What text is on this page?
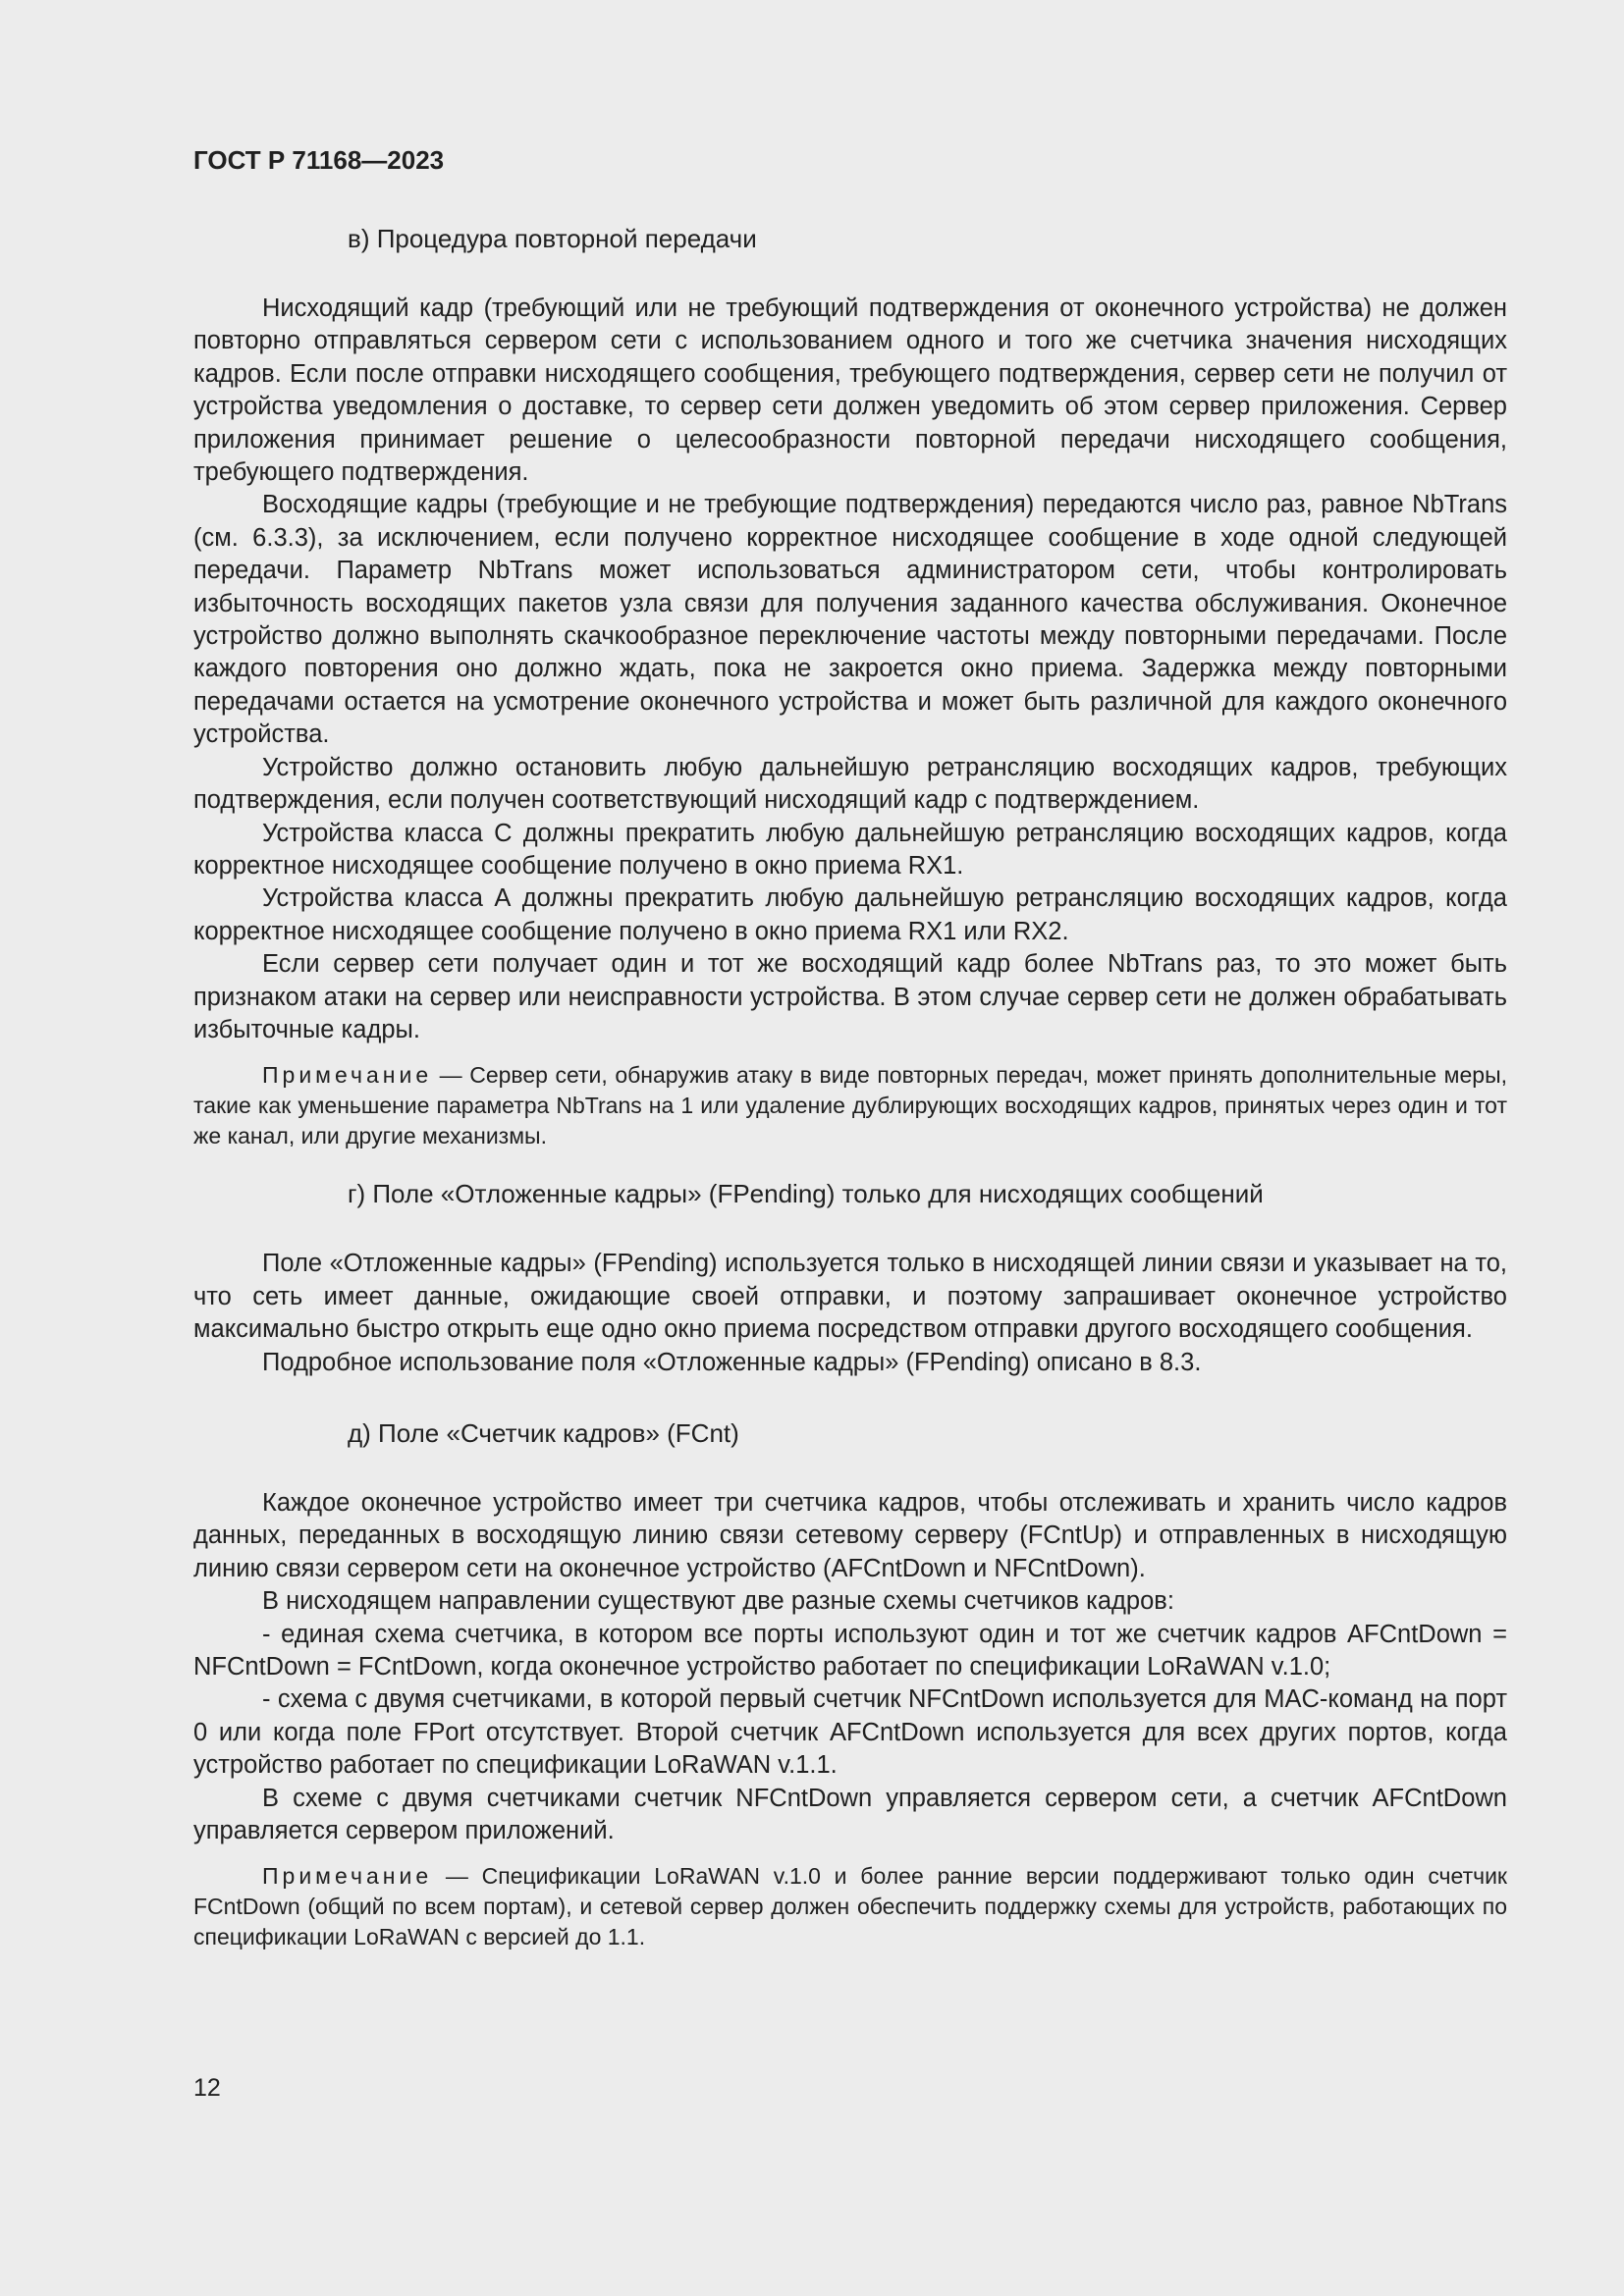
ГОСТ Р 71168—2023
в) Процедура повторной передачи

Нисходящий кадр (требующий или не требующий подтверждения от оконечного устройства) не должен повторно отправляться сервером сети с использованием одного и того же счетчика значения нисходящих кадров. Если после отправки нисходящего сообщения, требующего подтверждения, сервер сети не получил от устройства уведомления о доставке, то сервер сети должен уведомить об этом сервер приложения. Сервер приложения принимает решение о целесообразности повторной передачи нисходящего сообщения, требующего подтверждения.

Восходящие кадры (требующие и не требующие подтверждения) передаются число раз, равное NbTrans (см. 6.3.3), за исключением, если получено корректное нисходящее сообщение в ходе одной следующей передачи. Параметр NbTrans может использоваться администратором сети, чтобы контролировать избыточность восходящих пакетов узла связи для получения заданного качества обслуживания. Оконечное устройство должно выполнять скачкообразное переключение частоты между повторными передачами. После каждого повторения оно должно ждать, пока не закроется окно приема. Задержка между повторными передачами остается на усмотрение оконечного устройства и может быть различной для каждого оконечного устройства.

Устройство должно остановить любую дальнейшую ретрансляцию восходящих кадров, требующих подтверждения, если получен соответствующий нисходящий кадр с подтверждением.

Устройства класса С должны прекратить любую дальнейшую ретрансляцию восходящих кадров, когда корректное нисходящее сообщение получено в окно приема RX1.

Устройства класса А должны прекратить любую дальнейшую ретрансляцию восходящих кадров, когда корректное нисходящее сообщение получено в окно приема RX1 или RX2.

Если сервер сети получает один и тот же восходящий кадр более NbTrans раз, то это может быть признаком атаки на сервер или неисправности устройства. В этом случае сервер сети не должен обрабатывать избыточные кадры.

Примечание — Сервер сети, обнаружив атаку в виде повторных передач, может принять дополнительные меры, такие как уменьшение параметра NbTrans на 1 или удаление дублирующих восходящих кадров, принятых через один и тот же канал, или другие механизмы.

г) Поле «Отложенные кадры» (FPending) только для нисходящих сообщений

Поле «Отложенные кадры» (FPending) используется только в нисходящей линии связи и указывает на то, что сеть имеет данные, ожидающие своей отправки, и поэтому запрашивает оконечное устройство максимально быстро открыть еще одно окно приема посредством отправки другого восходящего сообщения.

Подробное использование поля «Отложенные кадры» (FPending) описано в 8.3.

д) Поле «Счетчик кадров» (FCnt)

Каждое оконечное устройство имеет три счетчика кадров, чтобы отслеживать и хранить число кадров данных, переданных в восходящую линию связи сетевому серверу (FCntUp) и отправленных в нисходящую линию связи сервером сети на оконечное устройство (AFCntDown и NFCntDown).

В нисходящем направлении существуют две разные схемы счетчиков кадров:

- единая схема счетчика, в котором все порты используют один и тот же счетчик кадров AFCntDown = NFCntDown = FCntDown, когда оконечное устройство работает по спецификации LoRaWAN v.1.0;

- схема с двумя счетчиками, в которой первый счетчик NFCntDown используется для MAC-команд на порт 0 или когда поле FPort отсутствует. Второй счетчик AFCntDown используется для всех других портов, когда устройство работает по спецификации LoRaWAN v.1.1.

В схеме с двумя счетчиками счетчик NFCntDown управляется сервером сети, а счетчик AFCntDown управляется сервером приложений.

Примечание — Спецификации LoRaWAN v.1.0 и более ранние версии поддерживают только один счетчик FCntDown (общий по всем портам), и сетевой сервер должен обеспечить поддержку схемы для устройств, работающих по спецификации LoRaWAN с версией до 1.1.

12
